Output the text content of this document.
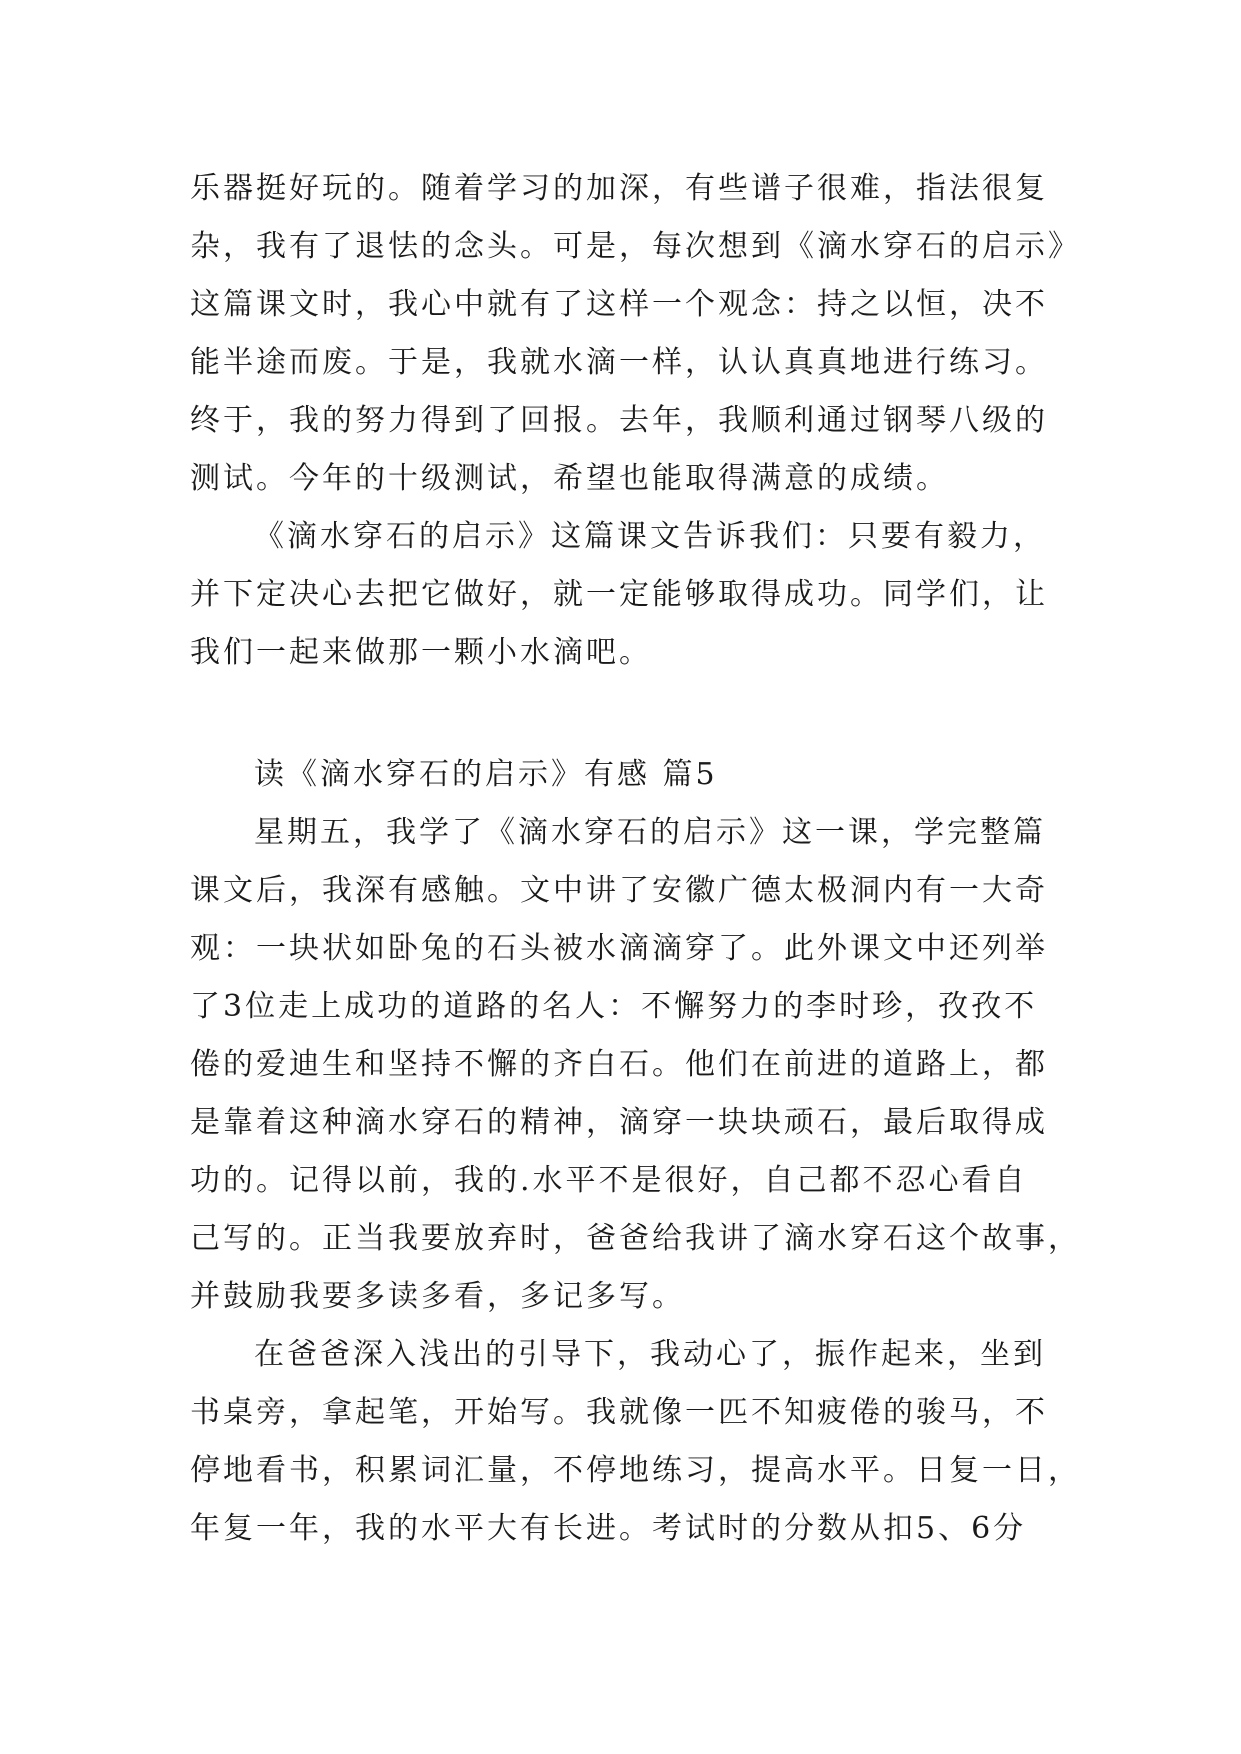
乐器挺好玩的。随着学习的加深，有些谱子很难，指法很复

杂，我有了退怯的念头。可是，每次想到《滴水穿石的启示》

这篇课文时，我心中就有了这样一个观念：持之以恒，决不

能半途而废。于是，我就水滴一样，认认真真地进行练习。

终于，我的努力得到了回报。去年，我顺利通过钢琴八级的

测试。今年的十级测试，希望也能取得满意的成绩。

《滴水穿石的启示》这篇课文告诉我们：只要有毅力，

并下定决心去把它做好，就一定能够取得成功。同学们，让

我们一起来做那一颗小水滴吧。

读《滴水穿石的启示》有感 篇5

星期五，我学了《滴水穿石的启示》这一课，学完整篇

课文后，我深有感触。文中讲了安徽广德太极洞内有一大奇

观：一块状如卧兔的石头被水滴滴穿了。此外课文中还列举

了3位走上成功的道路的名人：不懈努力的李时珍，孜孜不

倦的爱迪生和坚持不懈的齐白石。他们在前进的道路上，都

是靠着这种滴水穿石的精神，滴穿一块块顽石，最后取得成

功的。记得以前，我的.水平不是很好，自己都不忍心看自

己写的。正当我要放弃时，爸爸给我讲了滴水穿石这个故事，

并鼓励我要多读多看，多记多写。

在爸爸深入浅出的引导下，我动心了，振作起来，坐到

书桌旁，拿起笔，开始写。我就像一匹不知疲倦的骏马，不

停地看书，积累词汇量，不停地练习，提高水平。日复一日，

年复一年，我的水平大有长进。考试时的分数从扣5、6分
